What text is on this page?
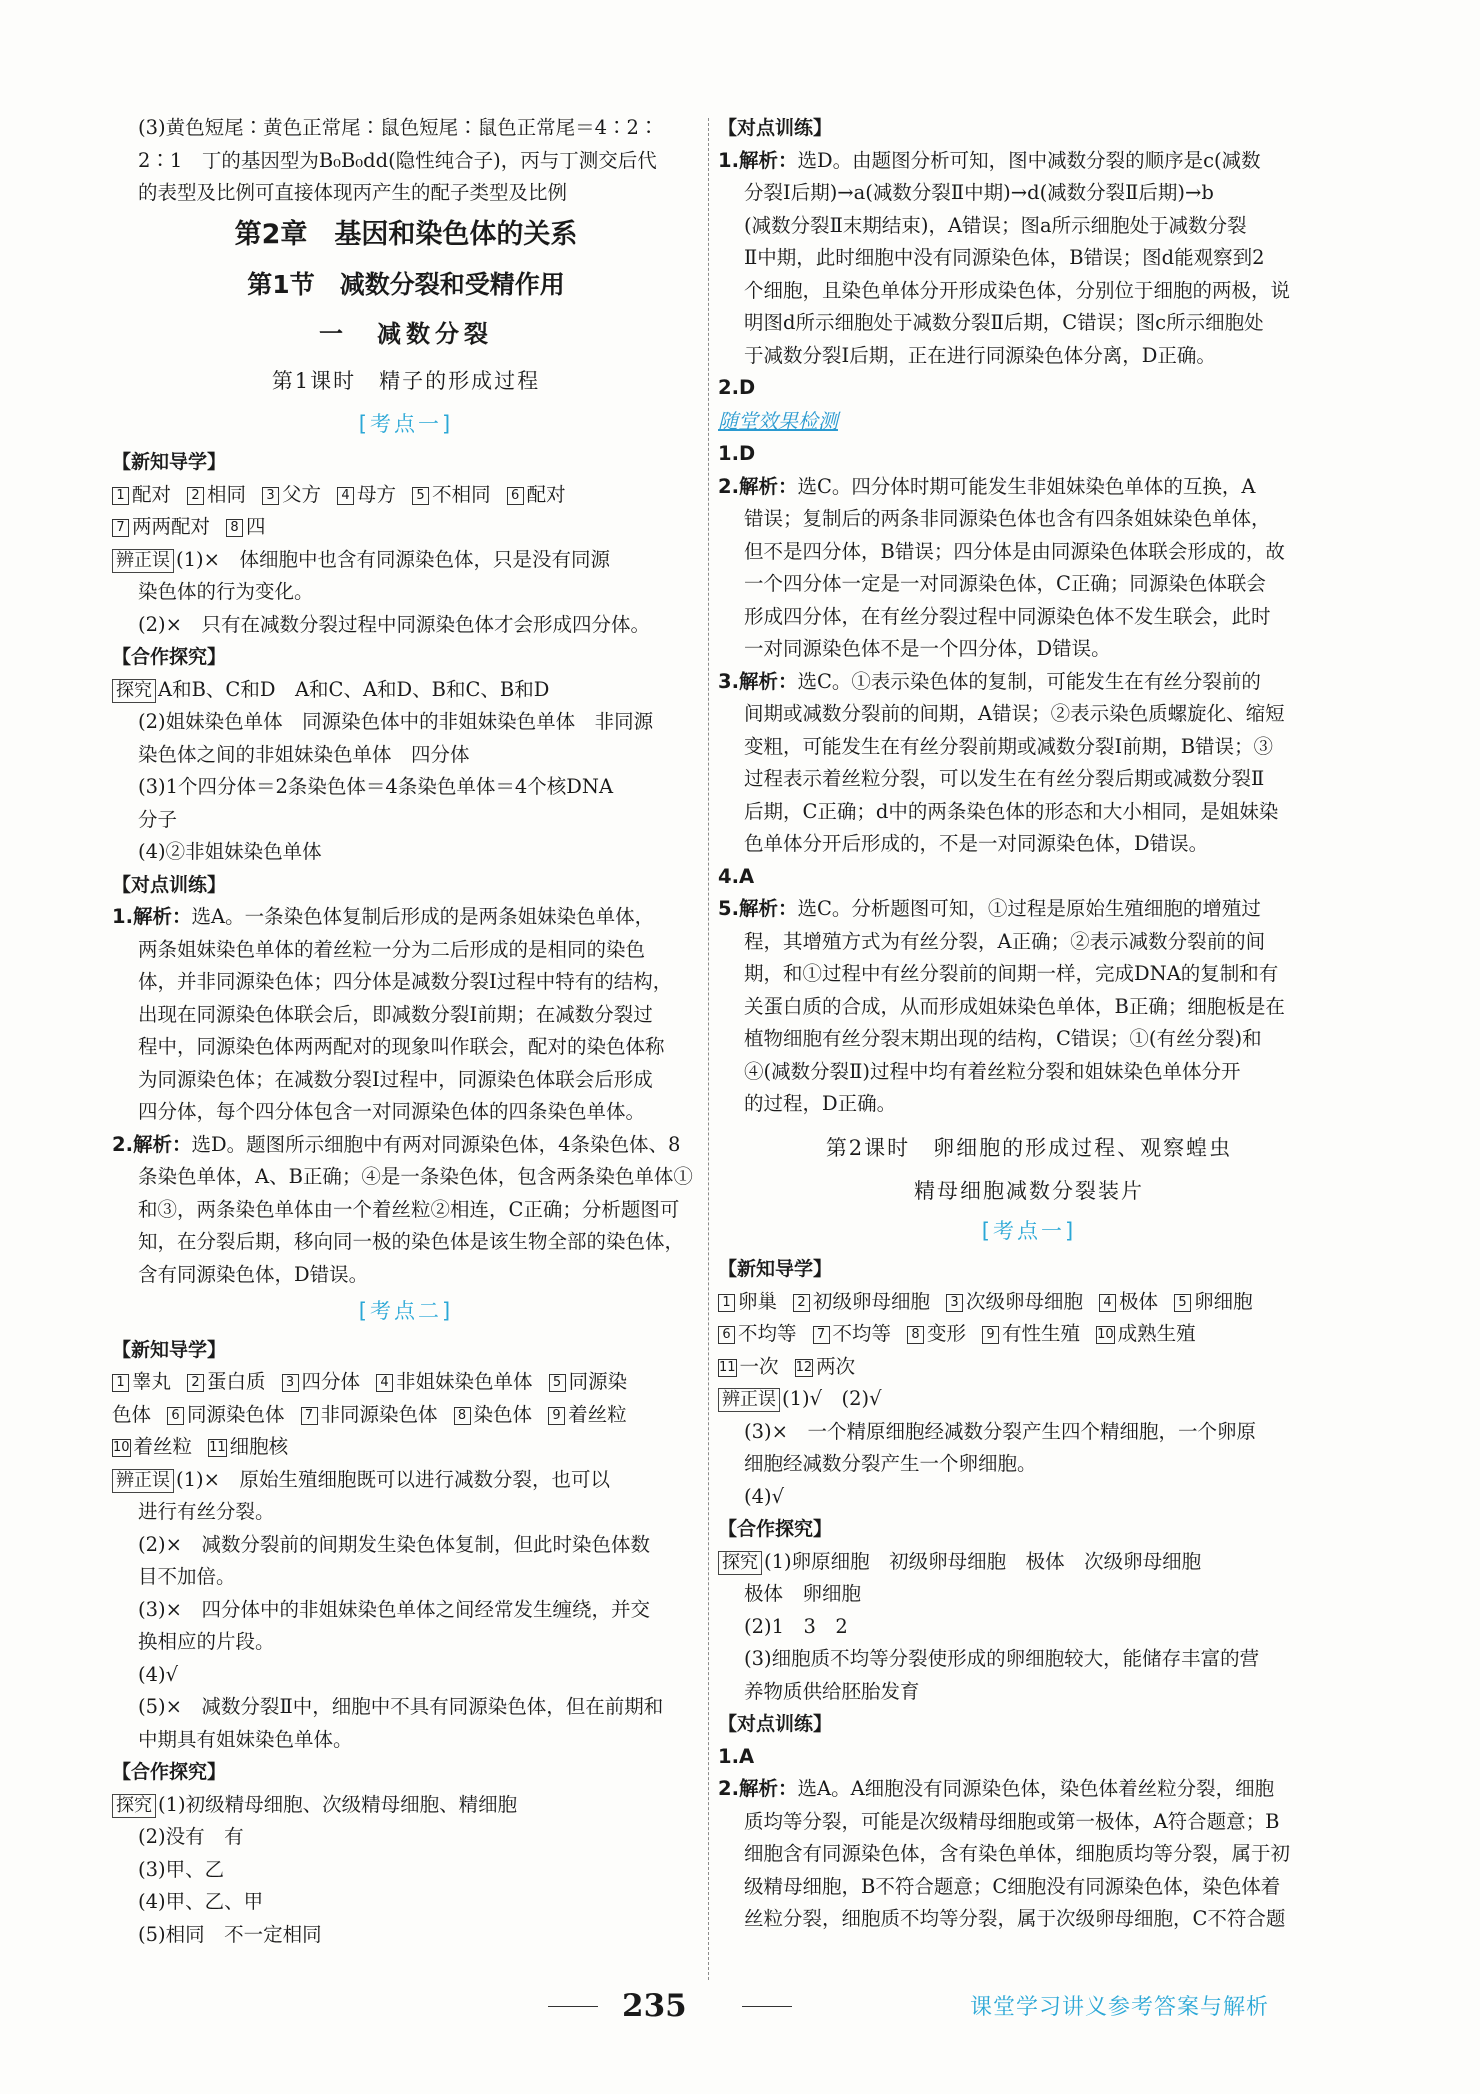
(3)黄色短尾∶黄色正常尾∶鼠色短尾∶鼠色正常尾＝4∶2∶
2∶1　丁的基因型为B₀B₀dd(隐性纯合子)，丙与丁测交后代
的表型及比例可直接体现丙产生的配子类型及比例
第2章　基因和染色体的关系
第1节　减数分裂和受精作用
一　减数分裂
第1课时　精子的形成过程
[考点一]
【新知导学】
1 配对 2 相同 3 父方 4 母方 5 不相同 6 配对
7 两两配对 8 四
辨正误 (1)×　体细胞中也含有同源染色体，只是没有同源
染色体的行为变化。
(2)×　只有在减数分裂过程中同源染色体才会形成四分体。
【合作探究】
探究 A和B、C和D　A和C、A和D、B和C、B和D
(2)姐妹染色单体　同源染色体中的非姐妹染色单体　非同源
染色体之间的非姐妹染色单体　四分体
(3)1个四分体＝2条染色体＝4条染色单体＝4个核DNA
分子
(4)②非姐妹染色单体
【对点训练】
1.解析：选A。一条染色体复制后形成的是两条姐妹染色单体，
两条姐妹染色单体的着丝粒一分为二后形成的是相同的染色
体，并非同源染色体；四分体是减数分裂Ⅰ过程中特有的结构，
出现在同源染色体联会后，即减数分裂Ⅰ前期；在减数分裂过
程中，同源染色体两两配对的现象叫作联会，配对的染色体称
为同源染色体；在减数分裂Ⅰ过程中，同源染色体联会后形成
四分体，每个四分体包含一对同源染色体的四条染色单体。
2.解析：选D。题图所示细胞中有两对同源染色体，4条染色体、8
条染色单体，A、B正确；④是一条染色体，包含两条染色单体①
和③，两条染色单体由一个着丝粒②相连，C正确；分析题图可
知，在分裂后期，移向同一极的染色体是该生物全部的染色体，
含有同源染色体，D错误。
[考点二]
【新知导学】
1 睾丸 2 蛋白质 3 四分体 4 非姐妹染色单体 5 同源染
色体 6 同源染色体 7 非同源染色体 8 染色体 9 着丝粒
10 着丝粒 11 细胞核
辨正误 (1)×　原始生殖细胞既可以进行减数分裂，也可以
进行有丝分裂。
(2)×　减数分裂前的间期发生染色体复制，但此时染色体数
目不加倍。
(3)×　四分体中的非姐妹染色单体之间经常发生缠绕，并交
换相应的片段。
(4)√
(5)×　减数分裂Ⅱ中，细胞中不具有同源染色体，但在前期和
中期具有姐妹染色单体。
【合作探究】
探究 (1)初级精母细胞、次级精母细胞、精细胞
(2)没有　有
(3)甲、乙
(4)甲、乙、甲
(5)相同　不一定相同
【对点训练】
1.解析：选D。由题图分析可知，图中减数分裂的顺序是c(减数
分裂Ⅰ后期)→a(减数分裂Ⅱ中期)→d(减数分裂Ⅱ后期)→b
(减数分裂Ⅱ末期结束)，A错误；图a所示细胞处于减数分裂
Ⅱ中期，此时细胞中没有同源染色体，B错误；图d能观察到2
个细胞，且染色单体分开形成染色体，分别位于细胞的两极，说
明图d所示细胞处于减数分裂Ⅱ后期，C错误；图c所示细胞处
于减数分裂Ⅰ后期，正在进行同源染色体分离，D正确。
2.D
随堂效果检测
1.D
2.解析：选C。四分体时期可能发生非姐妹染色单体的互换，A
错误；复制后的两条非同源染色体也含有四条姐妹染色单体，
但不是四分体，B错误；四分体是由同源染色体联会形成的，故
一个四分体一定是一对同源染色体，C正确；同源染色体联会
形成四分体，在有丝分裂过程中同源染色体不发生联会，此时
一对同源染色体不是一个四分体，D错误。
3.解析：选C。①表示染色体的复制，可能发生在有丝分裂前的
间期或减数分裂前的间期，A错误；②表示染色质螺旋化、缩短
变粗，可能发生在有丝分裂前期或减数分裂Ⅰ前期，B错误；③
过程表示着丝粒分裂，可以发生在有丝分裂后期或减数分裂Ⅱ
后期，C正确；d中的两条染色体的形态和大小相同，是姐妹染
色单体分开后形成的，不是一对同源染色体，D错误。
4.A
5.解析：选C。分析题图可知，①过程是原始生殖细胞的增殖过
程，其增殖方式为有丝分裂，A正确；②表示减数分裂前的间
期，和①过程中有丝分裂前的间期一样，完成DNA的复制和有
关蛋白质的合成，从而形成姐妹染色单体，B正确；细胞板是在
植物细胞有丝分裂末期出现的结构，C错误；①(有丝分裂)和
④(减数分裂Ⅱ)过程中均有着丝粒分裂和姐妹染色单体分开
的过程，D正确。
第2课时　卵细胞的形成过程、观察蝗虫
精母细胞减数分裂装片
[考点一]
【新知导学】
1 卵巢 2 初级卵母细胞 3 次级卵母细胞 4 极体 5 卵细胞
6 不均等 7 不均等 8 变形 9 有性生殖 10 成熟生殖
11 一次 12 两次
辨正误 (1)√　(2)√
(3)×　一个精原细胞经减数分裂产生四个精细胞，一个卵原
细胞经减数分裂产生一个卵细胞。
(4)√
【合作探究】
探究 (1)卵原细胞　初级卵母细胞　极体　次级卵母细胞
极体　卵细胞
(2)1　3　2
(3)细胞质不均等分裂使形成的卵细胞较大，能储存丰富的营
养物质供给胚胎发育
【对点训练】
1.A
2.解析：选A。A细胞没有同源染色体，染色体着丝粒分裂，细胞
质均等分裂，可能是次级精母细胞或第一极体，A符合题意；B
细胞含有同源染色体，含有染色单体，细胞质均等分裂，属于初
级精母细胞，B不符合题意；C细胞没有同源染色体，染色体着
丝粒分裂，细胞质不均等分裂，属于次级卵母细胞，C不符合题
235	课堂学习讲义参考答案与解析
